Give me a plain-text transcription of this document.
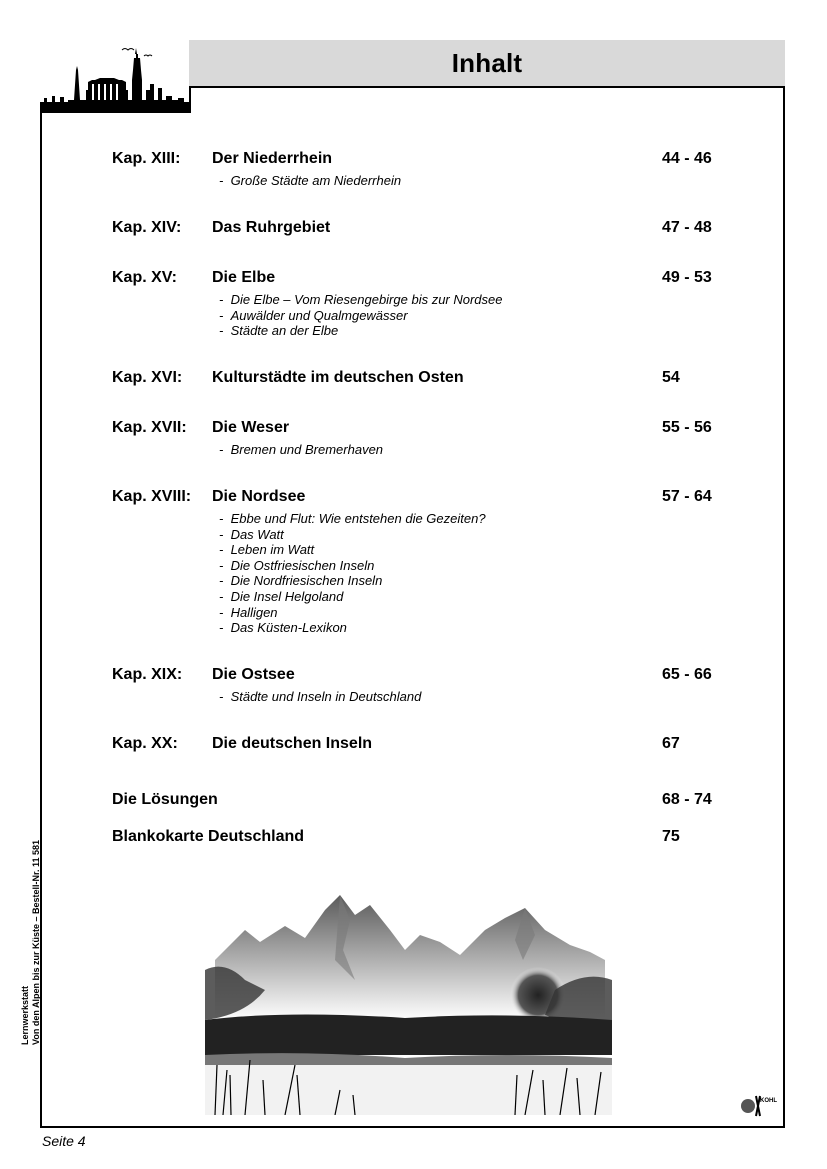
Inhalt
Kap. XIII: Der Niederrhein	44 - 46
-  Große Städte am Niederrhein
Kap. XIV: Das Ruhrgebiet	47 - 48
Kap. XV: Die Elbe	49 - 53
-  Die Elbe – Vom Riesengebirge bis zur Nordsee
-  Auwälder und Qualmgewässer
-  Städte an der Elbe
Kap. XVI: Kulturstädte im deutschen Osten	54
Kap. XVII: Die Weser	55 - 56
-  Bremen und Bremerhaven
Kap. XVIII: Die Nordsee	57 - 64
-  Ebbe und Flut: Wie entstehen die Gezeiten?
-  Das Watt
-  Leben im Watt
-  Die Ostfriesischen Inseln
-  Die Nordfriesischen Inseln
-  Die Insel Helgoland
-  Halligen
-  Das Küsten-Lexikon
Kap. XIX: Die Ostsee	65 - 66
-  Städte und Inseln in Deutschland
Kap. XX: Die deutschen Inseln	67
Die Lösungen	68 - 74
Blankokarte Deutschland	75
Lernwerkstatt Von den Alpen bis zur Küste – Bestell-Nr. 11 581
KOHL
Seite 4
